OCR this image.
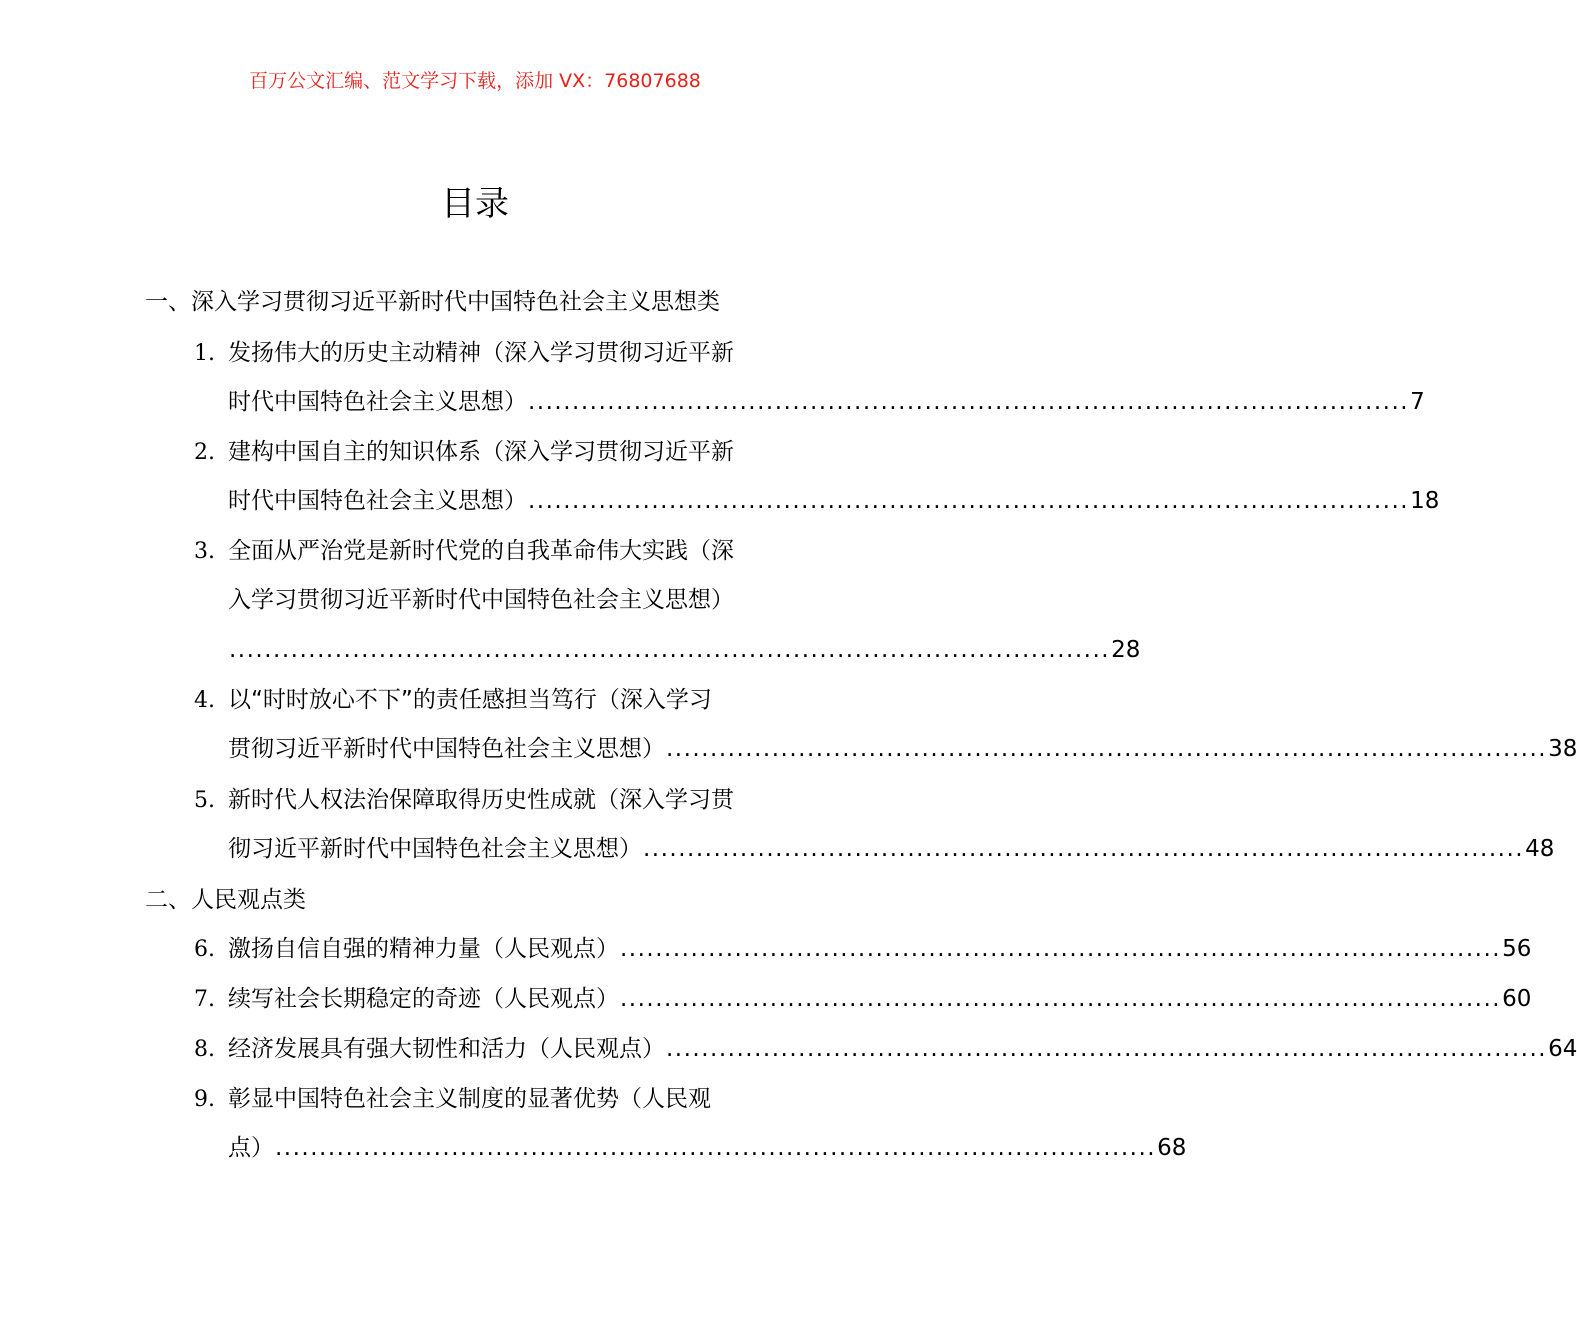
百万公文汇编、范文学习下载，添加 VX：76807688
目录
一、深入学习贯彻习近平新时代中国特色社会主义思想类
1. 发扬伟大的历史主动精神（深入学习贯彻习近平新
时代中国特色社会主义思想） .................................................................................................... 7
2. 建构中国自主的知识体系（深入学习贯彻习近平新
时代中国特色社会主义思想） .................................................................................................... 18
3. 全面从严治党是新时代党的自我革命伟大实践（深
入学习贯彻习近平新时代中国特色社会主义思想）
.................................................................................................... 28
4. 以“时时放心不下”的责任感担当笃行（深入学习
贯彻习近平新时代中国特色社会主义思想） .................................................................................................... 38
5. 新时代人权法治保障取得历史性成就（深入学习贯
彻习近平新时代中国特色社会主义思想） .................................................................................................... 48
二、人民观点类
6. 激扬自信自强的精神力量（人民观点） .................................................................................................... 56
7. 续写社会长期稳定的奇迹（人民观点） .................................................................................................... 60
8. 经济发展具有强大韧性和活力（人民观点） .................................................................................................... 64
9. 彰显中国特色社会主义制度的显著优势（人民观
点） .................................................................................................... 68
